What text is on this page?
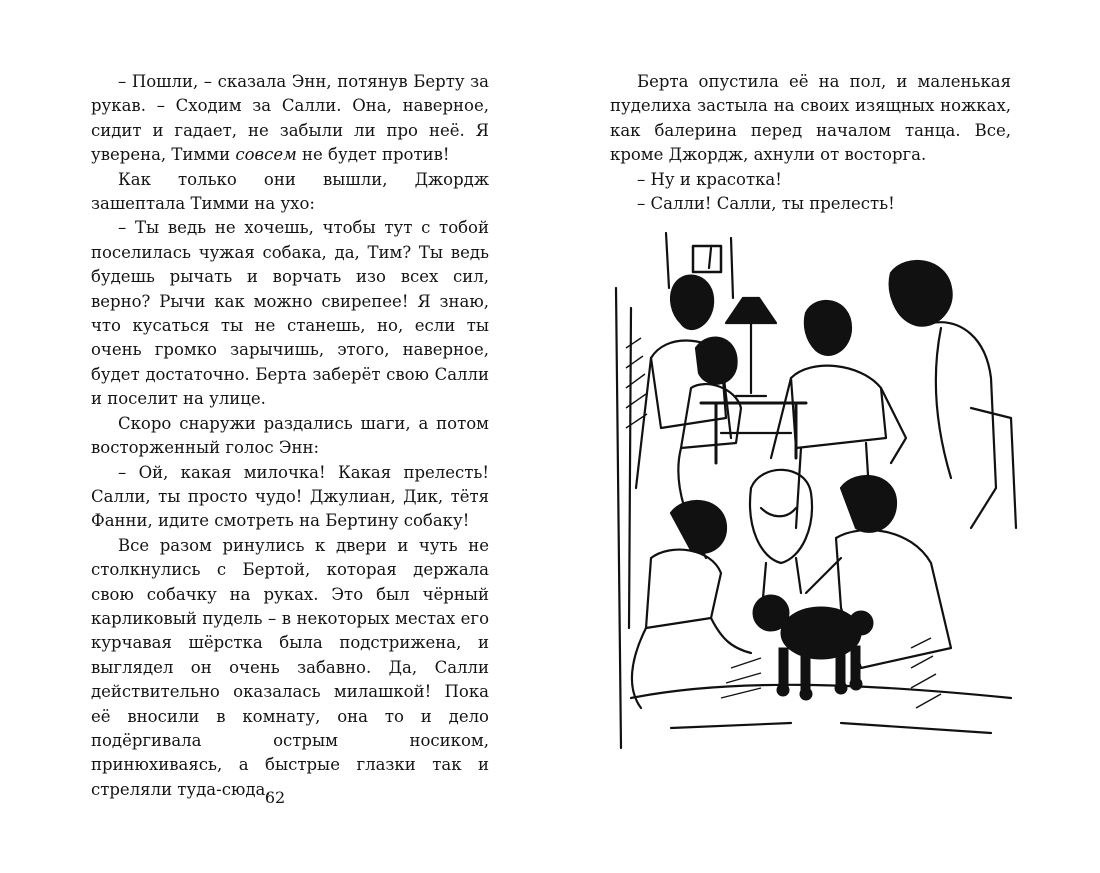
– Пошли, – сказала Энн, потянув Берту за рукав. – Сходим за Салли. Она, наверное, сидит и гадает, не забыли ли про неё. Я уверена, Тимми совсем не будет против!

Как только они вышли, Джордж зашептала Тимми на ухо:

– Ты ведь не хочешь, чтобы тут с тобой поселилась чужая собака, да, Тим? Ты ведь будешь рычать и ворчать изо всех сил, верно? Рычи как можно свирепее! Я знаю, что кусаться ты не станешь, но, если ты очень громко зарычишь, этого, наверное, будет достаточно. Берта заберёт свою Салли и поселит на улице.

Скоро снаружи раздались шаги, а потом восторженный голос Энн:

– Ой, какая милочка! Какая прелесть! Салли, ты просто чудо! Джулиан, Дик, тётя Фанни, идите смотреть на Бертину собаку!

Все разом ринулись к двери и чуть не столкнулись с Бертой, которая держала свою собачку на руках. Это был чёрный карликовый пудель – в некоторых местах его курчавая шёрстка была подстрижена, и выглядел он очень забавно. Да, Салли действительно оказалась милашкой! Пока её вносили в комнату, она то и дело подёргивала острым носиком, принюхиваясь, а быстрые глазки так и стреляли туда-сюда.

62

Берта опустила её на пол, и маленькая пуделиха застыла на своих изящных ножках, как балерина перед началом танца. Все, кроме Джордж, ахнули от восторга.

– Ну и красотка!

– Салли! Салли, ты прелесть!
